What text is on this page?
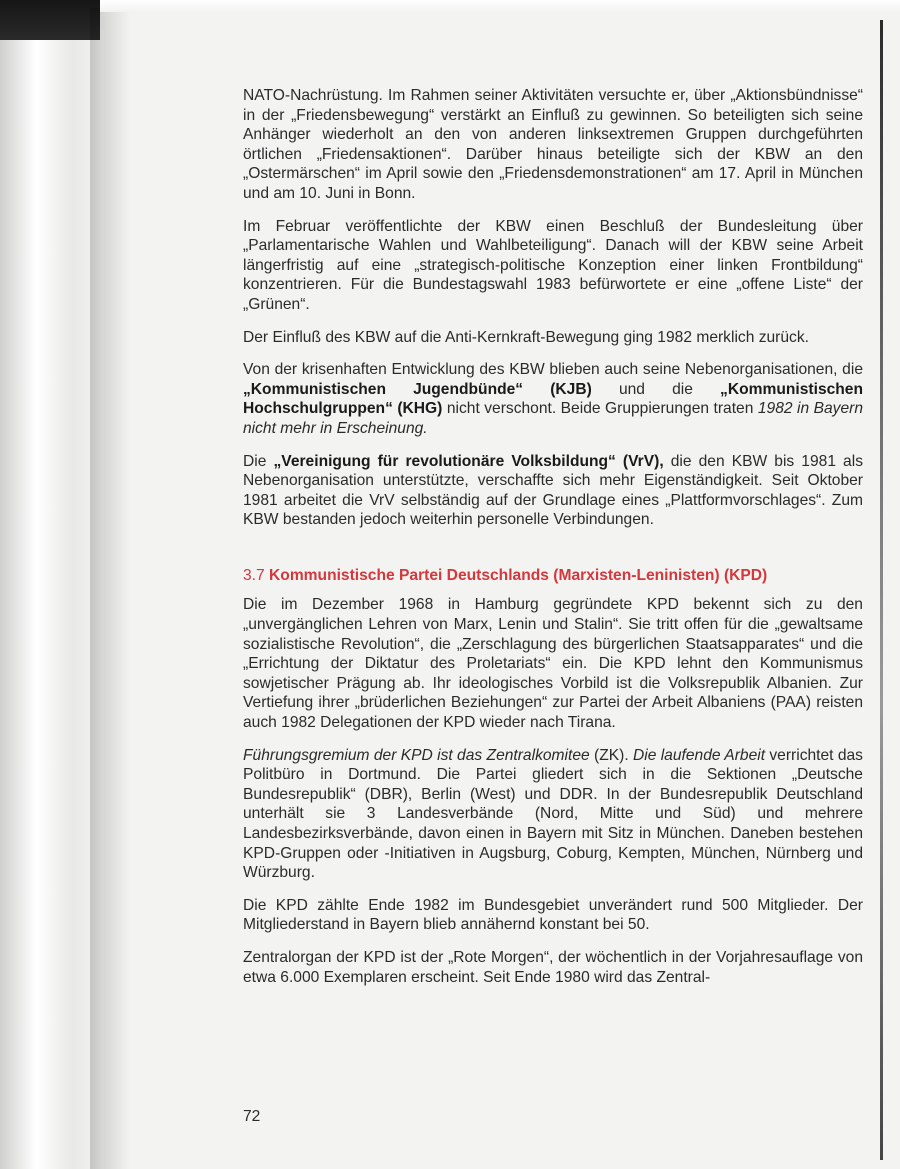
NATO-Nachrüstung. Im Rahmen seiner Aktivitäten versuchte er, über „Aktionsbündnisse“ in der „Friedensbewegung“ verstärkt an Einfluß zu gewinnen. So beteiligten sich seine Anhänger wiederholt an den von anderen linksextremen Gruppen durchgeführten örtlichen „Friedensaktionen“. Darüber hinaus beteiligte sich der KBW an den „Ostermärschen“ im April sowie den „Friedensdemonstrationen“ am 17. April in München und am 10. Juni in Bonn.

Im Februar veröffentlichte der KBW einen Beschluß der Bundesleitung über „Parlamentarische Wahlen und Wahlbeteiligung“. Danach will der KBW seine Arbeit längerfristig auf eine „strategisch-politische Konzeption einer linken Frontbildung“ konzentrieren. Für die Bundestagswahl 1983 befürwortete er eine „offene Liste“ der „Grünen“.

Der Einfluß des KBW auf die Anti-Kernkraft-Bewegung ging 1982 merklich zurück.

Von der krisenhaften Entwicklung des KBW blieben auch seine Nebenorganisationen, die „Kommunistischen Jugendbünde“ (KJB) und die „Kommunistischen Hochschulgruppen“ (KHG) nicht verschont. Beide Gruppierungen traten 1982 in Bayern nicht mehr in Erscheinung.

Die „Vereinigung für revolutionäre Volksbildung“ (VrV), die den KBW bis 1981 als Nebenorganisation unterstützte, verschaffte sich mehr Eigenständigkeit. Seit Oktober 1981 arbeitet die VrV selbständig auf der Grundlage eines „Plattformvorschlages“. Zum KBW bestanden jedoch weiterhin personelle Verbindungen.

3.7 Kommunistische Partei Deutschlands (Marxisten-Leninisten) (KPD)

Die im Dezember 1968 in Hamburg gegründete KPD bekennt sich zu den „unvergänglichen Lehren von Marx, Lenin und Stalin“. Sie tritt offen für die „gewaltsame sozialistische Revolution“, die „Zerschlagung des bürgerlichen Staatsapparates“ und die „Errichtung der Diktatur des Proletariats“ ein. Die KPD lehnt den Kommunismus sowjetischer Prägung ab. Ihr ideologisches Vorbild ist die Volksrepublik Albanien. Zur Vertiefung ihrer „brüderlichen Beziehungen“ zur Partei der Arbeit Albaniens (PAA) reisten auch 1982 Delegationen der KPD wieder nach Tirana.

Führungsgremium der KPD ist das Zentralkomitee (ZK). Die laufende Arbeit verrichtet das Politbüro in Dortmund. Die Partei gliedert sich in die Sektionen „Deutsche Bundesrepublik“ (DBR), Berlin (West) und DDR. In der Bundesrepublik Deutschland unterhält sie 3 Landesverbände (Nord, Mitte und Süd) und mehrere Landesbezirksverbände, davon einen in Bayern mit Sitz in München. Daneben bestehen KPD-Gruppen oder -Initiativen in Augsburg, Coburg, Kempten, München, Nürnberg und Würzburg.

Die KPD zählte Ende 1982 im Bundesgebiet unverändert rund 500 Mitglieder. Der Mitgliederstand in Bayern blieb annähernd konstant bei 50.

Zentralorgan der KPD ist der „Rote Morgen“, der wöchentlich in der Vorjahresauflage von etwa 6.000 Exemplaren erscheint. Seit Ende 1980 wird das Zentral-

72
